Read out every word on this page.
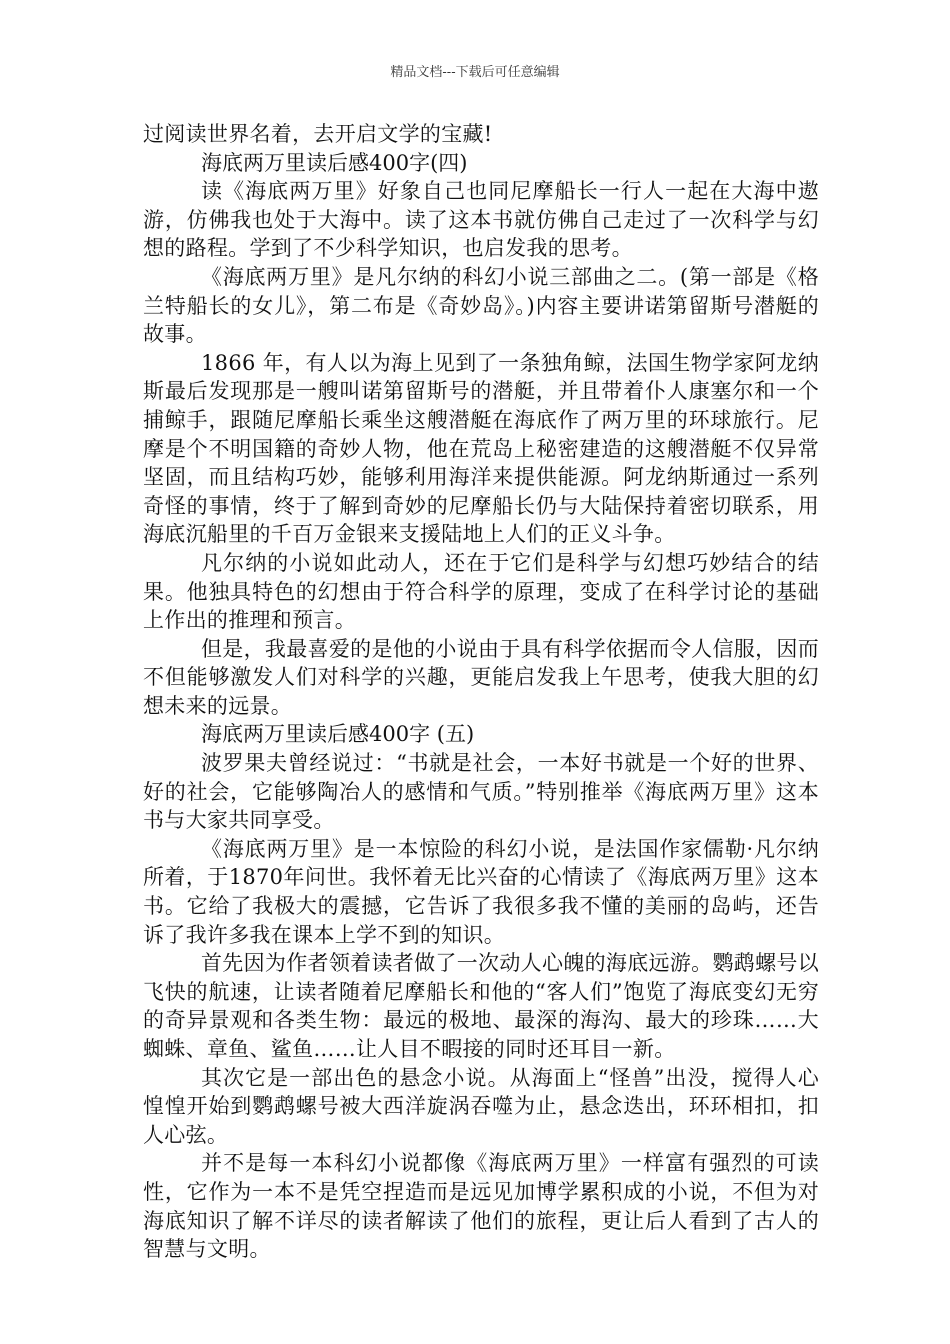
精品文档---下载后可任意编辑

过阅读世界名着，去开启文学的宝藏!

海底两万里读后感400字(四)

读《海底两万里》好象自己也同尼摩船长一行人一起在大海中遨游，仿佛我也处于大海中。读了这本书就仿佛自己走过了一次科学与幻想的路程。学到了不少科学知识，也启发我的思考。

《海底两万里》是凡尔纳的科幻小说三部曲之二。(第一部是《格兰特船长的女儿》，第二布是《奇妙岛》。)内容主要讲诺第留斯号潜艇的故事。

1866 年，有人以为海上见到了一条独角鲸，法国生物学家阿龙纳斯最后发现那是一艘叫诺第留斯号的潜艇，并且带着仆人康塞尔和一个捕鲸手，跟随尼摩船长乘坐这艘潜艇在海底作了两万里的环球旅行。尼摩是个不明国籍的奇妙人物，他在荒岛上秘密建造的这艘潜艇不仅异常坚固，而且结构巧妙，能够利用海洋来提供能源。阿龙纳斯通过一系列奇怪的事情，终于了解到奇妙的尼摩船长仍与大陆保持着密切联系，用海底沉船里的千百万金银来支援陆地上人们的正义斗争。

凡尔纳的小说如此动人，还在于它们是科学与幻想巧妙结合的结果。他独具特色的幻想由于符合科学的原理，变成了在科学讨论的基础上作出的推理和预言。

但是，我最喜爱的是他的小说由于具有科学依据而令人信服，因而不但能够激发人们对科学的兴趣，更能启发我上午思考，使我大胆的幻想未来的远景。

海底两万里读后感400字 (五)

波罗果夫曾经说过：“书就是社会，一本好书就是一个好的世界、好的社会，它能够陶冶人的感情和气质。”特别推举《海底两万里》这本书与大家共同享受。

《海底两万里》是一本惊险的科幻小说，是法国作家儒勒·凡尔纳所着，于1870年问世。我怀着无比兴奋的心情读了《海底两万里》这本书。它给了我极大的震撼，它告诉了我很多我不懂的美丽的岛屿，还告诉了我许多我在课本上学不到的知识。

首先因为作者领着读者做了一次动人心魄的海底远游。鹦鹉螺号以飞快的航速，让读者随着尼摩船长和他的“客人们”饱览了海底变幻无穷的奇异景观和各类生物：最远的极地、最深的海沟、最大的珍珠……大蜘蛛、章鱼、鲨鱼……让人目不暇接的同时还耳目一新。

其次它是一部出色的悬念小说。从海面上“怪兽”出没，搅得人心惶惶开始到鹦鹉螺号被大西洋旋涡吞噬为止，悬念迭出，环环相扣，扣人心弦。

并不是每一本科幻小说都像《海底两万里》一样富有强烈的可读性，它作为一本不是凭空捏造而是远见加博学累积成的小说，不但为对海底知识了解不详尽的读者解读了他们的旅程，更让后人看到了古人的智慧与文明。
